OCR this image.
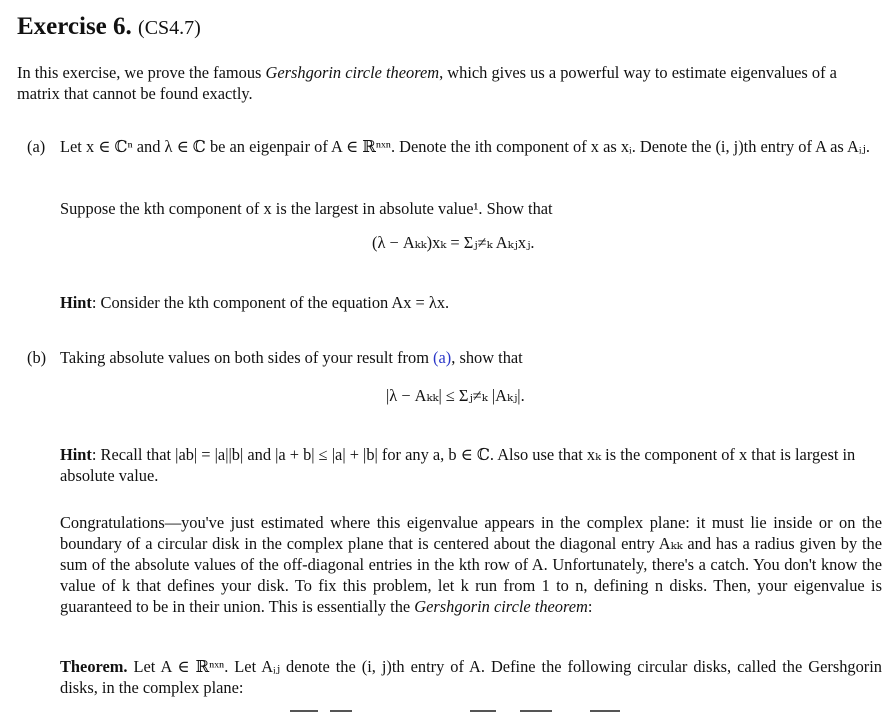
Exercise 6. (CS4.7)
In this exercise, we prove the famous Gershgorin circle theorem, which gives us a powerful way to estimate eigenvalues of a matrix that cannot be found exactly.
(a) Let x ∈ ℂⁿ and λ ∈ ℂ be an eigenpair of A ∈ ℝⁿˣⁿ. Denote the ith component of x as xᵢ. Denote the (i, j)th entry of A as Aᵢⱼ.
Suppose the kth component of x is the largest in absolute value¹. Show that
(λ − Aₖₖ)xₖ = Σⱼ≠ₖ Aₖⱼxⱼ.
Hint: Consider the kth component of the equation Ax = λx.
(b) Taking absolute values on both sides of your result from (a), show that
|λ − Aₖₖ| ≤ Σⱼ≠ₖ |Aₖⱼ|.
Hint: Recall that |ab| = |a||b| and |a + b| ≤ |a| + |b| for any a, b ∈ ℂ. Also use that xₖ is the component of x that is largest in absolute value.
Congratulations—you've just estimated where this eigenvalue appears in the complex plane: it must lie inside or on the boundary of a circular disk in the complex plane that is centered about the diagonal entry Aₖₖ and has a radius given by the sum of the absolute values of the off-diagonal entries in the kth row of A. Unfortunately, there's a catch. You don't know the value of k that defines your disk. To fix this problem, let k run from 1 to n, defining n disks. Then, your eigenvalue is guaranteed to be in their union. This is essentially the Gershgorin circle theorem:
Theorem. Let A ∈ ℝⁿˣⁿ. Let Aᵢⱼ denote the (i, j)th entry of A. Define the following circular disks, called the Gershgorin disks, in the complex plane:
